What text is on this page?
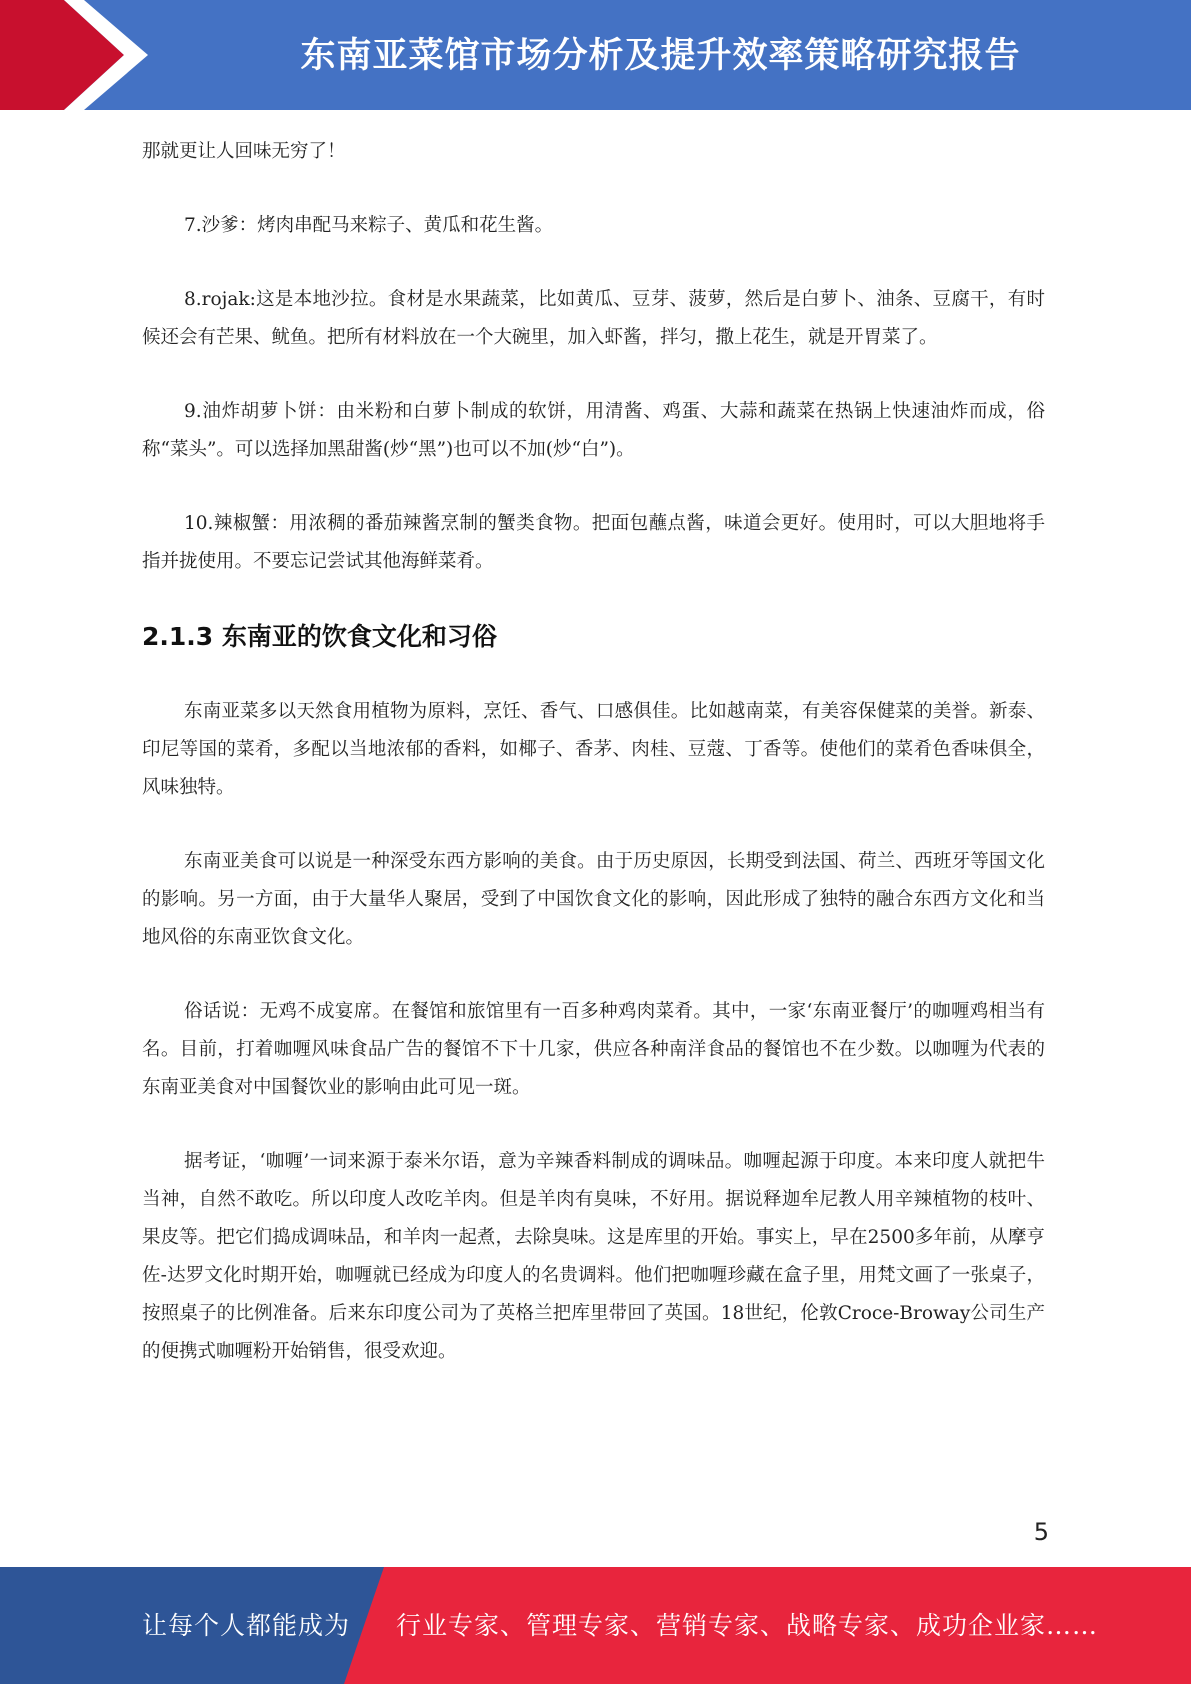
东南亚菜馆市场分析及提升效率策略研究报告

那就更让人回味无穷了！

7.沙爹：烤肉串配马来粽子、黄瓜和花生酱。

8.rojak:这是本地沙拉。食材是水果蔬菜，比如黄瓜、豆芽、菠萝，然后是白萝卜、油条、豆腐干，有时候还会有芒果、鱿鱼。把所有材料放在一个大碗里，加入虾酱，拌匀，撒上花生，就是开胃菜了。

9.油炸胡萝卜饼：由米粉和白萝卜制成的软饼，用清酱、鸡蛋、大蒜和蔬菜在热锅上快速油炸而成，俗称“菜头”。可以选择加黑甜酱(炒“黑”)也可以不加(炒“白”)。

10.辣椒蟹：用浓稠的番茄辣酱烹制的蟹类食物。把面包蘸点酱，味道会更好。使用时，可以大胆地将手指并拢使用。不要忘记尝试其他海鲜菜肴。

2.1.3 东南亚的饮食文化和习俗

东南亚菜多以天然食用植物为原料，烹饪、香气、口感俱佳。比如越南菜，有美容保健菜的美誉。新泰、印尼等国的菜肴，多配以当地浓郁的香料，如椰子、香茅、肉桂、豆蔻、丁香等。使他们的菜肴色香味俱全，风味独特。

东南亚美食可以说是一种深受东西方影响的美食。由于历史原因，长期受到法国、荷兰、西班牙等国文化的影响。另一方面，由于大量华人聚居，受到了中国饮食文化的影响，因此形成了独特的融合东西方文化和当地风俗的东南亚饮食文化。

俗话说：无鸡不成宴席。在餐馆和旅馆里有一百多种鸡肉菜肴。其中，一家‘东南亚餐厅’的咖喱鸡相当有名。目前，打着咖喱风味食品广告的餐馆不下十几家，供应各种南洋食品的餐馆也不在少数。以咖喱为代表的东南亚美食对中国餐饮业的影响由此可见一斑。

据考证，‘咖喱’一词来源于泰米尔语，意为辛辣香料制成的调味品。咖喱起源于印度。本来印度人就把牛当神，自然不敢吃。所以印度人改吃羊肉。但是羊肉有臭味，不好用。据说释迦牟尼教人用辛辣植物的枝叶、果皮等。把它们捣成调味品，和羊肉一起煮，去除臭味。这是库里的开始。事实上，早在2500多年前，从摩亨佐-达罗文化时期开始，咖喱就已经成为印度人的名贵调料。他们把咖喱珍藏在盒子里，用梵文画了一张桌子，按照桌子的比例准备。后来东印度公司为了英格兰把库里带回了英国。18世纪，伦敦Croce-Broway公司生产的便携式咖喱粉开始销售，很受欢迎。

5
让每个人都能成为 行业专家、管理专家、营销专家、战略专家、成功企业家……
